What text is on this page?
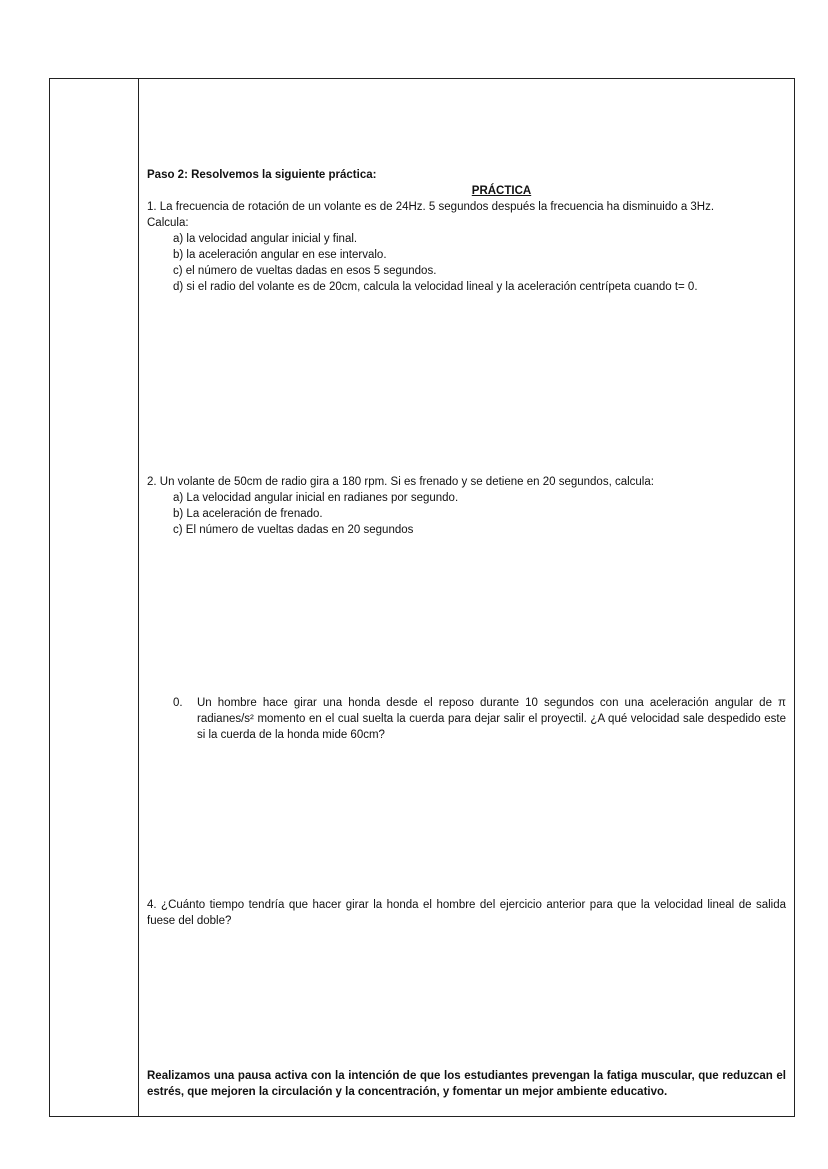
Paso 2: Resolvemos la siguiente práctica:
PRÁCTICA
1. La frecuencia de rotación de un volante es de 24Hz. 5 segundos después la frecuencia ha disminuido a 3Hz.
Calcula:
a) la velocidad angular inicial y final.
b) la aceleración angular en ese intervalo.
c) el número de vueltas dadas en esos 5 segundos.
d) si el radio del volante es de 20cm, calcula la velocidad lineal y la aceleración centrípeta cuando t= 0.
2. Un volante de 50cm de radio gira a 180 rpm. Si es frenado y se detiene en 20 segundos, calcula:
a) La velocidad angular inicial en radianes por segundo.
b) La aceleración de frenado.
c) El número de vueltas dadas en 20 segundos
0.	Un hombre hace girar una honda desde el reposo durante 10 segundos con una aceleración angular de π radianes/s² momento en el cual suelta la cuerda para dejar salir el proyectil. ¿A qué velocidad sale despedido este si la cuerda de la honda mide 60cm?
4. ¿Cuánto tiempo tendría que hacer girar la honda el hombre del ejercicio anterior para que la velocidad lineal de salida fuese del doble?
Realizamos una pausa activa con la intención de que los estudiantes prevengan la fatiga muscular, que reduzcan el estrés, que mejoren la circulación y la concentración, y fomentar un mejor ambiente educativo.
